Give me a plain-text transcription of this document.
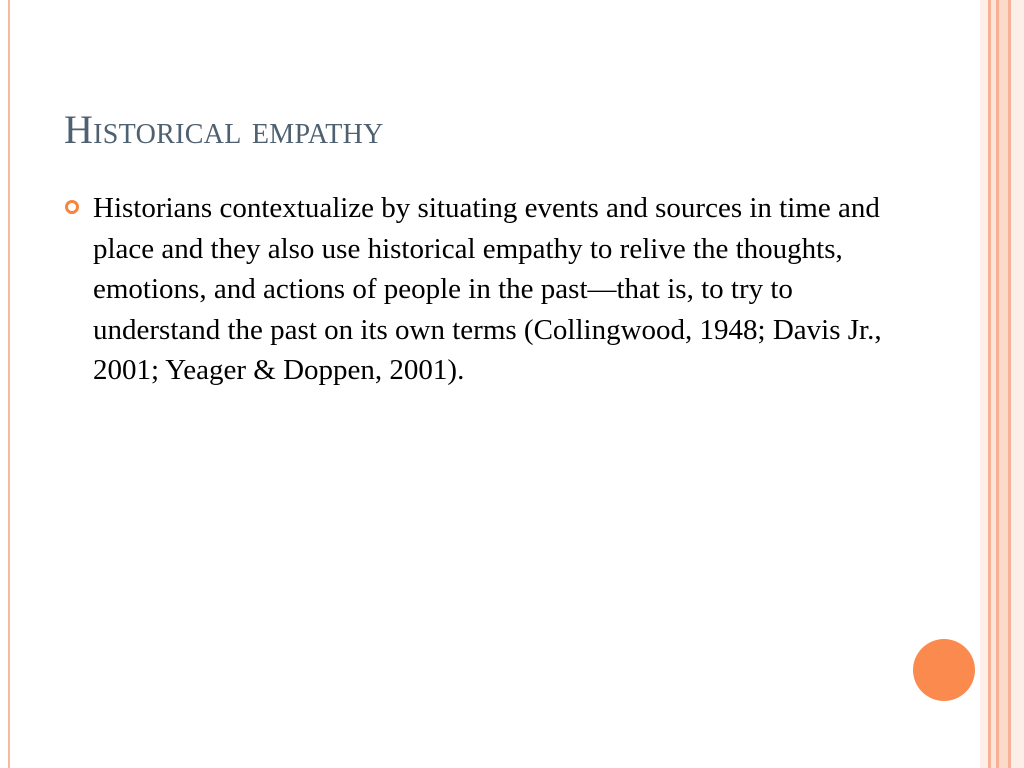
Historical empathy
Historians contextualize by situating events and sources in time and place and they also use historical empathy to relive the thoughts, emotions, and actions of people in the past—that is, to try to understand the past on its own terms (Collingwood, 1948; Davis Jr., 2001; Yeager & Doppen, 2001).
